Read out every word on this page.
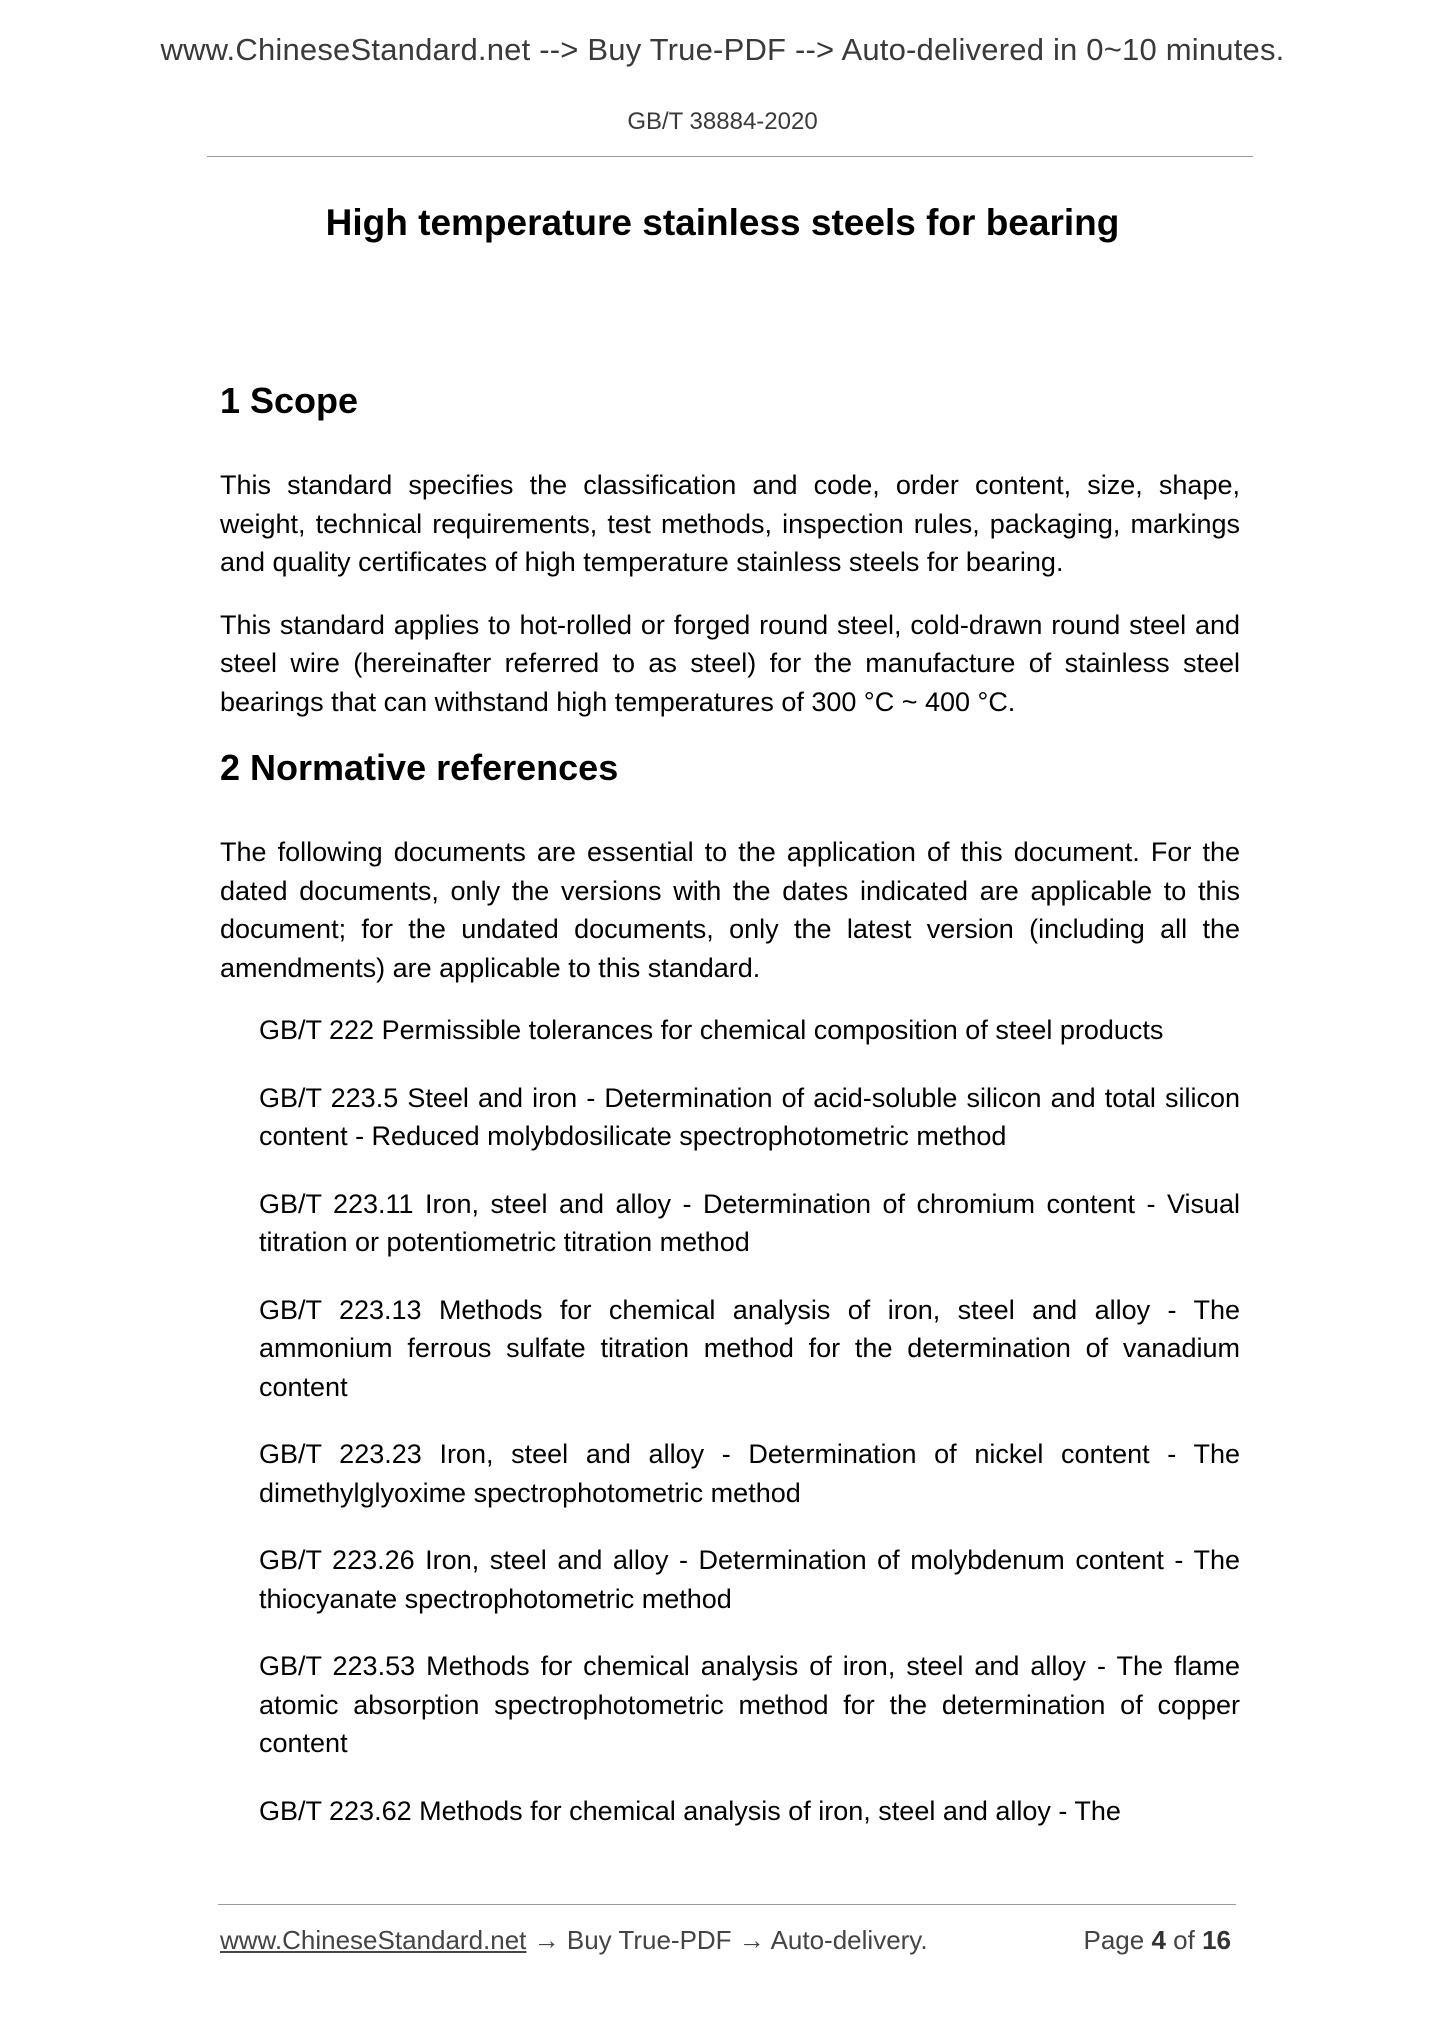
www.ChineseStandard.net --> Buy True-PDF --> Auto-delivered in 0~10 minutes.
GB/T 38884-2020
High temperature stainless steels for bearing
1 Scope

This standard specifies the classification and code, order content, size, shape, weight, technical requirements, test methods, inspection rules, packaging, markings and quality certificates of high temperature stainless steels for bearing.

This standard applies to hot-rolled or forged round steel, cold-drawn round steel and steel wire (hereinafter referred to as steel) for the manufacture of stainless steel bearings that can withstand high temperatures of 300 °C ~ 400 °C.

2 Normative references

The following documents are essential to the application of this document. For the dated documents, only the versions with the dates indicated are applicable to this document; for the undated documents, only the latest version (including all the amendments) are applicable to this standard.

GB/T 222 Permissible tolerances for chemical composition of steel products
GB/T 223.5 Steel and iron - Determination of acid-soluble silicon and total silicon content - Reduced molybdosilicate spectrophotometric method
GB/T 223.11 Iron, steel and alloy - Determination of chromium content - Visual titration or potentiometric titration method
GB/T 223.13 Methods for chemical analysis of iron, steel and alloy - The ammonium ferrous sulfate titration method for the determination of vanadium content
GB/T 223.23 Iron, steel and alloy - Determination of nickel content - The dimethylglyoxime spectrophotometric method
GB/T 223.26 Iron, steel and alloy - Determination of molybdenum content - The thiocyanate spectrophotometric method
GB/T 223.53 Methods for chemical analysis of iron, steel and alloy - The flame atomic absorption spectrophotometric method for the determination of copper content
GB/T 223.62 Methods for chemical analysis of iron, steel and alloy - The
www.ChineseStandard.net → Buy True-PDF → Auto-delivery.	Page 4 of 16
